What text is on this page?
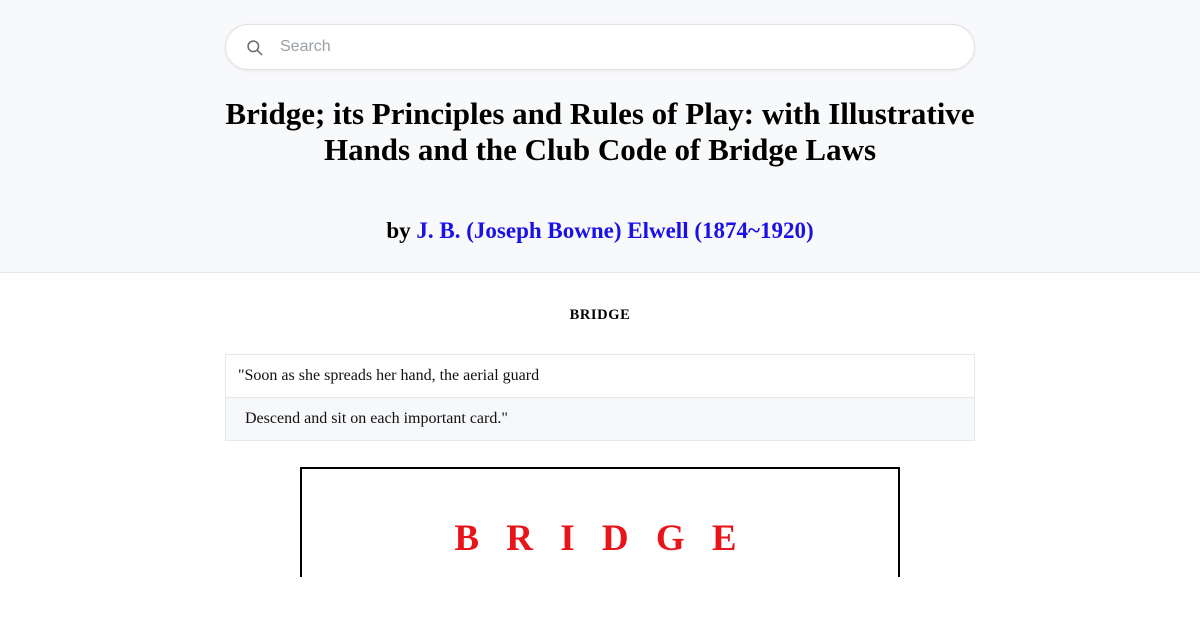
Search
Bridge; its Principles and Rules of Play: with Illustrative Hands and the Club Code of Bridge Laws
by J. B. (Joseph Bowne) Elwell (1874~1920)
BRIDGE
"Soon as she spreads her hand, the aerial guard
Descend and sit on each important card."
B R I D G E
